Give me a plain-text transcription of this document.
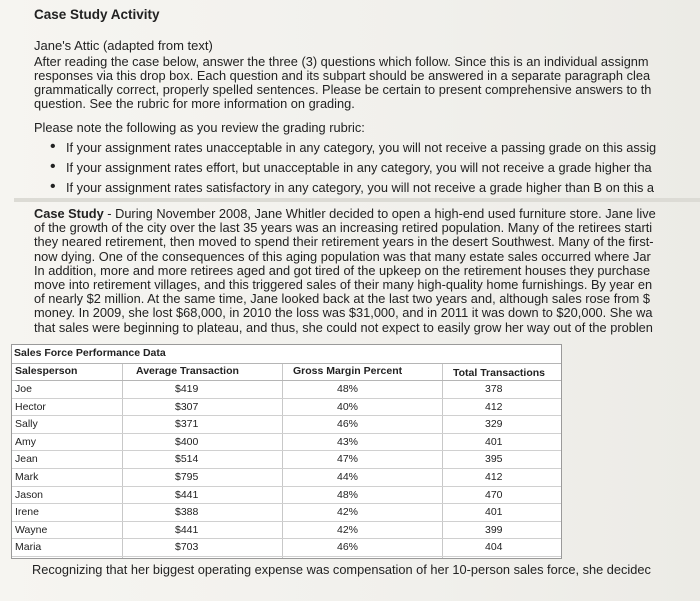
Case Study Activity
Jane's Attic (adapted from text)
After reading the case below, answer the three (3) questions which follow. Since this is an individual assignm
responses via this drop box. Each question and its subpart should be answered in a separate paragraph clea
grammatically correct, properly spelled sentences. Please be certain to present comprehensive answers to th
question. See the rubric for more information on grading.
Please note the following as you review the grading rubric:
• If your assignment rates unacceptable in any category, you will not receive a passing grade on this assig
• If your assignment rates effort, but unacceptable in any category, you will not receive a grade higher tha
• If your assignment rates satisfactory in any category, you will not receive a grade higher than B on this a
Case Study - During November 2008, Jane Whitler decided to open a high-end used furniture store. Jane live
of the growth of the city over the last 35 years was an increasing retired population. Many of the retirees starti
they neared retirement, then moved to spend their retirement years in the desert Southwest. Many of the first-
now dying. One of the consequences of this aging population was that many estate sales occurred where Jar
In addition, more and more retirees aged and got tired of the upkeep on the retirement houses they purchase
move into retirement villages, and this triggered sales of their many high-quality home furnishings. By year en
of nearly $2 million. At the same time, Jane looked back at the last two years and, although sales rose from $
money. In 2009, she lost $68,000, in 2010 the loss was $31,000, and in 2011 it was down to $20,000. She wa
that sales were beginning to plateau, and thus, she could not expect to easily grow her way out of the problen
Sales Force Performance Data
Salesperson	Average Transaction	Gross Margin Percent	Total Transactions
Joe	$419	48%	378
Hector	$307	40%	412
Sally	$371	46%	329
Amy	$400	43%	401
Jean	$514	47%	395
Mark	$795	44%	412
Jason	$441	48%	470
Irene	$388	42%	401
Wayne	$441	42%	399
Maria	$703	46%	404
Recognizing that her biggest operating expense was compensation of her 10-person sales force, she decidec
